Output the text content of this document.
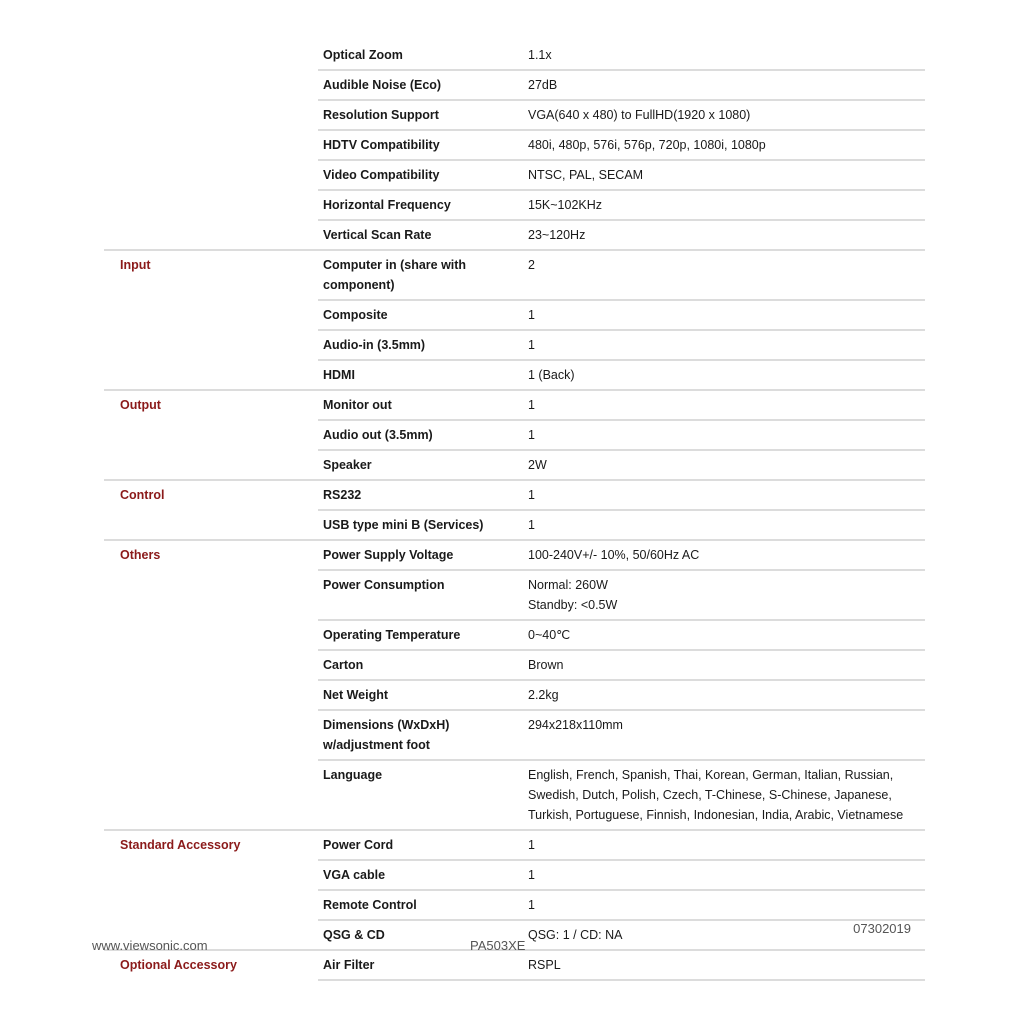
	Optical Zoom	1.1x

	Audible Noise (Eco)	27dB

	Resolution Support	VGA(640 x 480) to FullHD(1920 x 1080)

	HDTV Compatibility	480i, 480p, 576i, 576p, 720p, 1080i, 1080p

	Video Compatibility	NTSC, PAL, SECAM

	Horizontal Frequency	15K~102KHz

	Vertical Scan Rate	23~120Hz

Input	Computer in (share with component)	2

	Composite	1

	Audio-in (3.5mm)	1

	HDMI	1 (Back)

Output	Monitor out	1

	Audio out (3.5mm)	1

	Speaker	2W

Control	RS232	1

	USB type mini B (Services)	1

Others	Power Supply Voltage	100-240V+/- 10%, 50/60Hz AC

	Power Consumption	Normal: 260W
Standby: <0.5W

	Operating Temperature	0~40℃

	Carton	Brown

	Net Weight	2.2kg

	Dimensions (WxDxH) w/adjustment foot	294x218x110mm

	Language	English, French, Spanish, Thai, Korean, German, Italian, Russian,
Swedish, Dutch, Polish, Czech, T-Chinese, S-Chinese, Japanese,
Turkish, Portuguese, Finnish, Indonesian, India, Arabic, Vietnamese

Standard Accessory	Power Cord	1

	VGA cable	1

	Remote Control	1

	QSG & CD	QSG: 1 / CD: NA

Optional Accessory	Air Filter	RSPL
www.viewsonic.com	PA503XE
07302019
